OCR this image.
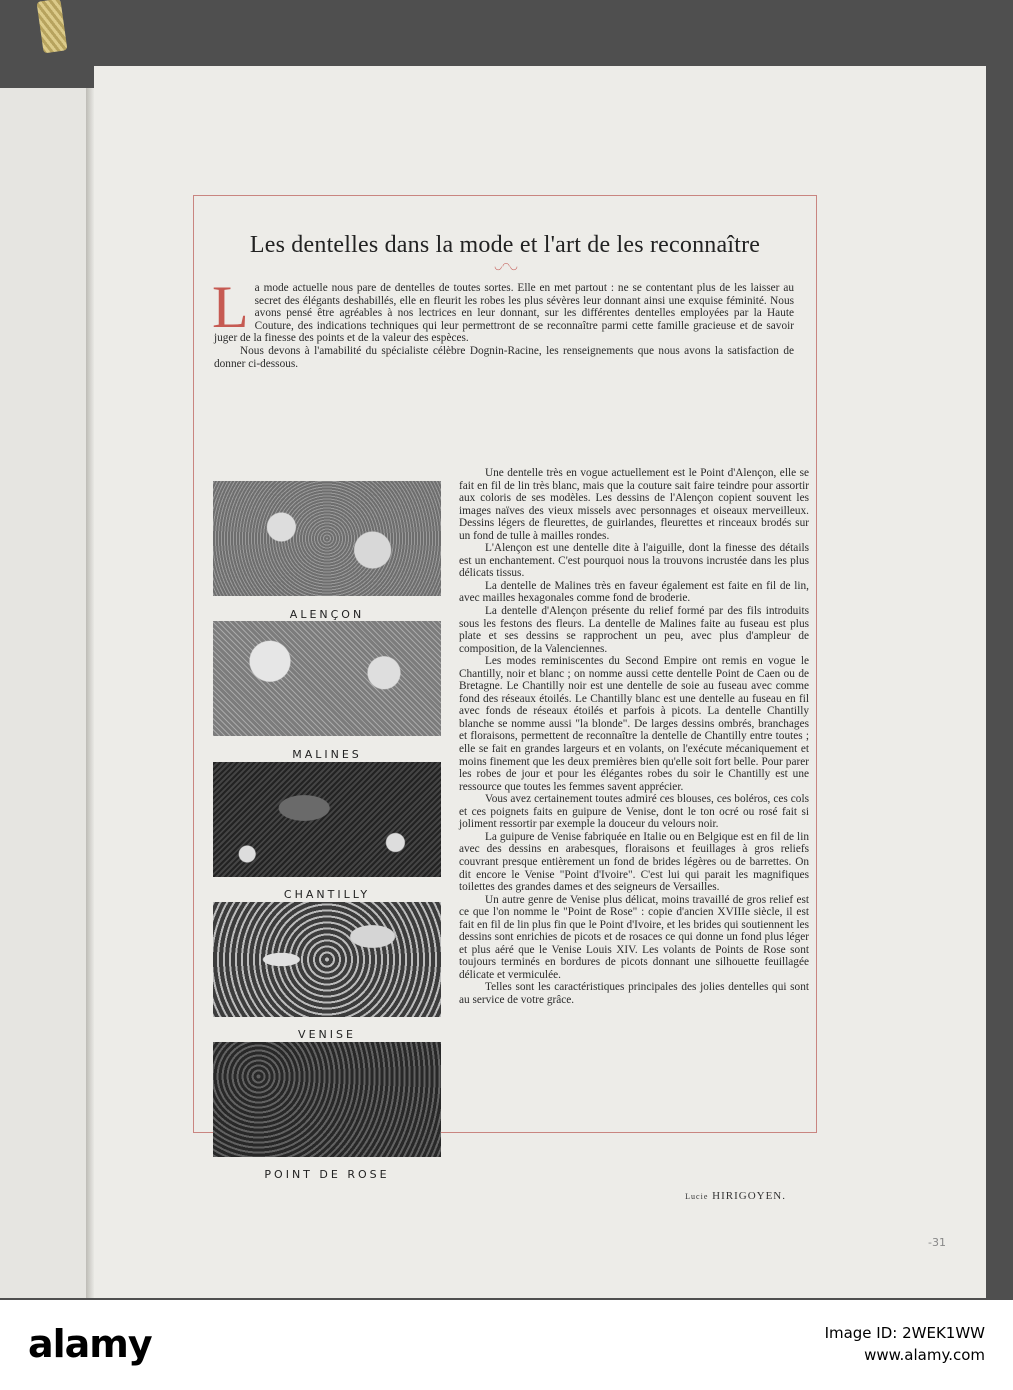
Les dentelles dans la mode et l'art de les reconnaître
◡◠◡
L a mode actuelle nous pare de dentelles de toutes sortes. Elle en met partout : ne se contentant plus de les laisser au secret des élégants deshabillés, elle en fleurit les robes les plus sévères leur donnant ainsi une exquise féminité. Nous avons pensé être agréables à nos lectrices en leur donnant, sur les différentes dentelles employées par la Haute Couture, des indications techniques qui leur permettront de se reconnaître parmi cette famille gracieuse et de savoir juger de la finesse des points et de la valeur des espèces.

Nous devons à l'amabilité du spécialiste célèbre Dognin-Racine, les renseignements que nous avons la satisfaction de donner ci-dessous.

ALENÇON
MALINES
CHANTILLY
VENISE
POINT DE ROSE

Une dentelle très en vogue actuellement est le Point d'Alençon, elle se fait en fil de lin très blanc, mais que la couture sait faire teindre pour assortir aux coloris de ses modèles. Les dessins de l'Alençon copient souvent les images naïves des vieux missels avec personnages et oiseaux merveilleux. Dessins légers de fleurettes, de guirlandes, fleurettes et rinceaux brodés sur un fond de tulle à mailles rondes.

L'Alençon est une dentelle dite à l'aiguille, dont la finesse des détails est un enchantement. C'est pourquoi nous la trouvons incrustée dans les plus délicats tissus.

La dentelle de Malines très en faveur également est faite en fil de lin, avec mailles hexagonales comme fond de broderie.

La dentelle d'Alençon présente du relief formé par des fils introduits sous les festons des fleurs. La dentelle de Malines faite au fuseau est plus plate et ses dessins se rapprochent un peu, avec plus d'ampleur de composition, de la Valenciennes.

Les modes reminiscentes du Second Empire ont remis en vogue le Chantilly, noir et blanc ; on nomme aussi cette dentelle Point de Caen ou de Bretagne. Le Chantilly noir est une dentelle de soie au fuseau avec comme fond des réseaux étoilés. Le Chantilly blanc est une dentelle au fuseau en fil avec fonds de réseaux étoilés et parfois à picots. La dentelle Chantilly blanche se nomme aussi "la blonde". De larges dessins ombrés, branchages et floraisons, permettent de reconnaître la dentelle de Chantilly entre toutes ; elle se fait en grandes largeurs et en volants, on l'exécute mécaniquement et moins finement que les deux premières bien qu'elle soit fort belle. Pour parer les robes de jour et pour les élégantes robes du soir le Chantilly est une ressource que toutes les femmes savent apprécier.

Vous avez certainement toutes admiré ces blouses, ces boléros, ces cols et ces poignets faits en guipure de Venise, dont le ton ocré ou rosé fait si joliment ressortir par exemple la douceur du velours noir.

La guipure de Venise fabriquée en Italie ou en Belgique est en fil de lin avec des dessins en arabesques, floraisons et feuillages à gros reliefs couvrant presque entièrement un fond de brides légères ou de barrettes. On dit encore le Venise "Point d'Ivoire". C'est lui qui parait les magnifiques toilettes des grandes dames et des seigneurs de Versailles.

Un autre genre de Venise plus délicat, moins travaillé de gros relief est ce que l'on nomme le "Point de Rose" : copie d'ancien XVIIIe siècle, il est fait en fil de lin plus fin que le Point d'Ivoire, et les brides qui soutiennent les dessins sont enrichies de picots et de rosaces ce qui donne un fond plus léger et plus aéré que le Venise Louis XIV. Les volants de Points de Rose sont toujours terminés en bordures de picots donnant une silhouette feuillagée délicate et vermiculée.

Telles sont les caractéristiques principales des jolies dentelles qui sont au service de votre grâce.

Lucie HIRIGOYEN.
-31
alamy	Image ID: 2WEK1WW
www.alamy.com
